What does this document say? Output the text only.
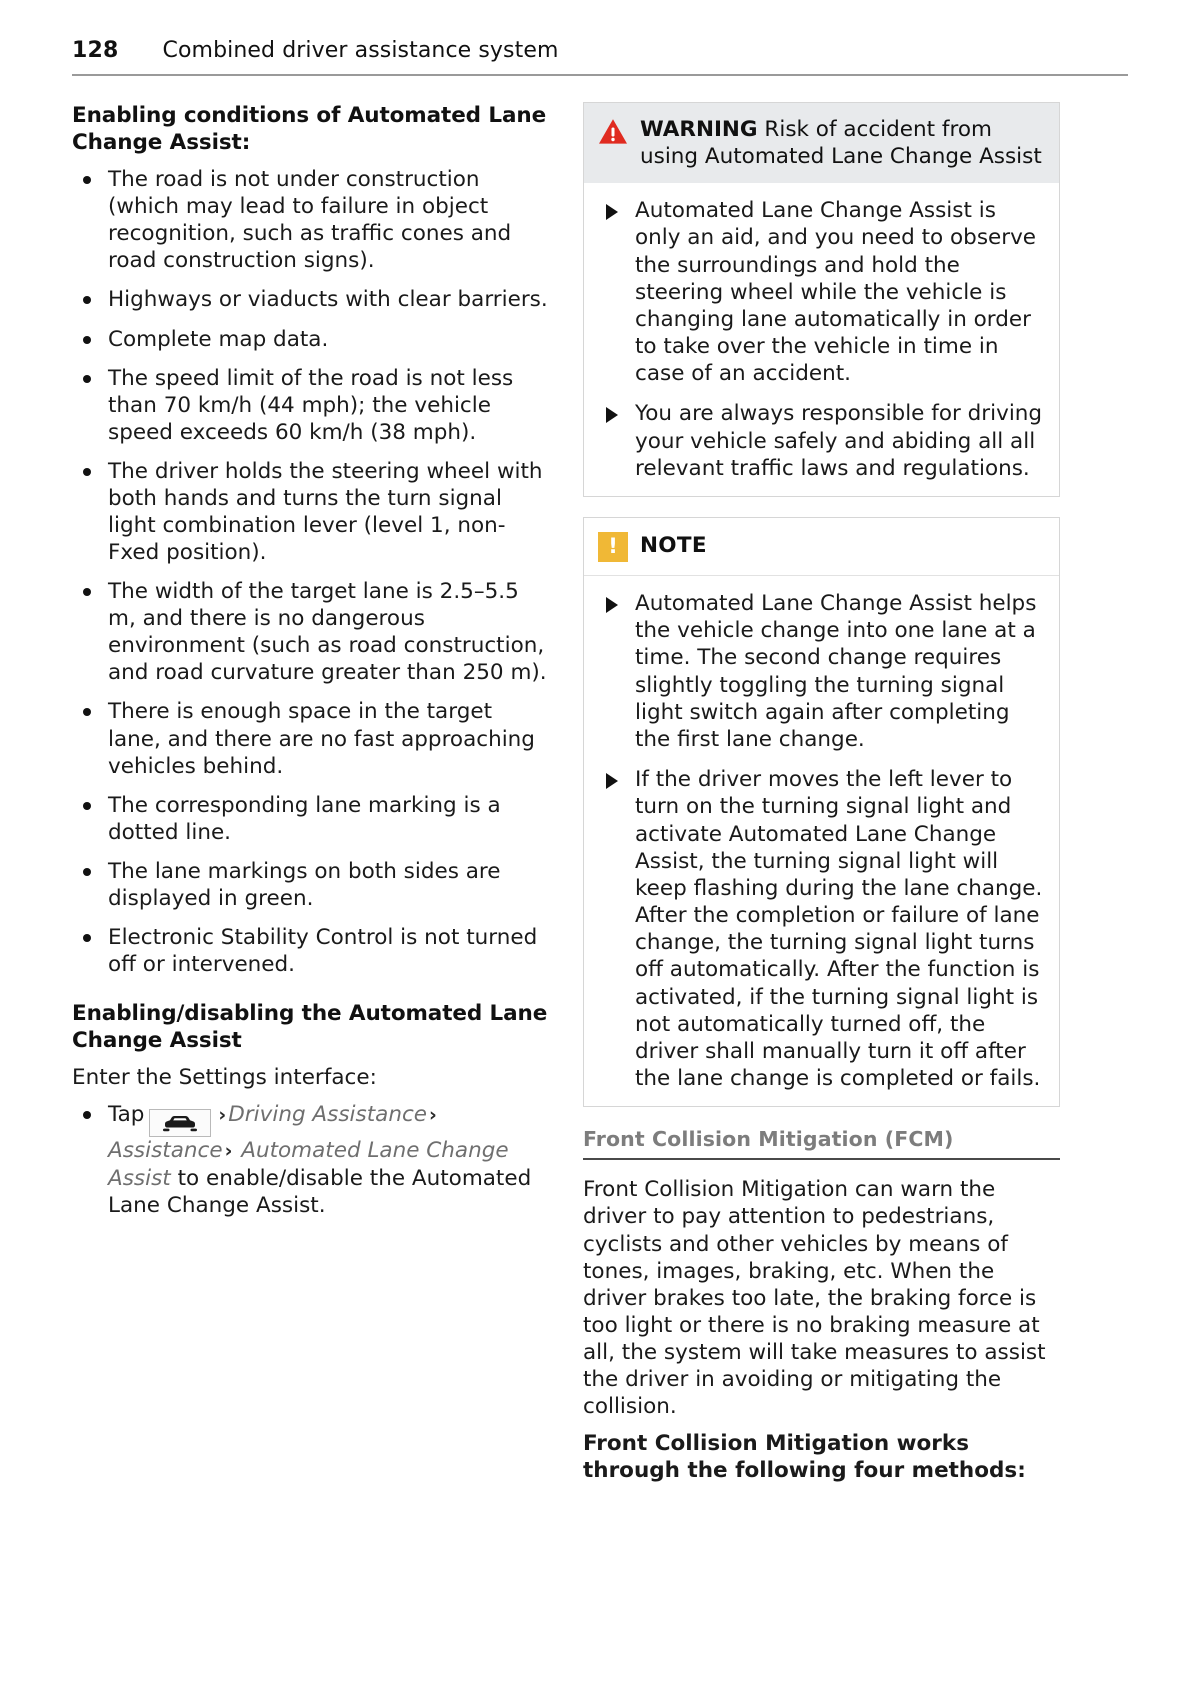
128 Combined driver assistance system
Enabling conditions of Automated Lane Change Assist:
The road is not under construction (which may lead to failure in object recognition, such as traffic cones and road construction signs).
Highways or viaducts with clear barriers.
Complete map data.
The speed limit of the road is not less than 70 km/h (44 mph); the vehicle speed exceeds 60 km/h (38 mph).
The driver holds the steering wheel with both hands and turns the turn signal light combination lever (level 1, non-Fxed position).
The width of the target lane is 2.5–5.5 m, and there is no dangerous environment (such as road construction, and road curvature greater than 250 m).
There is enough space in the target lane, and there are no fast approaching vehicles behind.
The corresponding lane marking is a dotted line.
The lane markings on both sides are displayed in green.
Electronic Stability Control is not turned off or intervened.
Enabling/disabling the Automated Lane Change Assist

Enter the Settings interface:

Tap	›Driving Assistance › Assistance › Automated Lane Change Assist to enable/disable the Automated Lane Change Assist.
WARNING Risk of accident from using Automated Lane Change Assist
Automated Lane Change Assist is only an aid, and you need to observe the surroundings and hold the steering wheel while the vehicle is changing lane automatically in order to take over the vehicle in time in case of an accident.
You are always responsible for driving your vehicle safely and abiding all all relevant traffic laws and regulations.
! NOTE
Automated Lane Change Assist helps the vehicle change into one lane at a time. The second change requires slightly toggling the turning signal light switch again after completing the first lane change.
If the driver moves the left lever to turn on the turning signal light and activate Automated Lane Change Assist, the turning signal light will keep flashing during the lane change. After the completion or failure of lane change, the turning signal light turns off automatically. After the function is activated, if the turning signal light is not automatically turned off, the driver shall manually turn it off after the lane change is completed or fails.
Front Collision Mitigation (FCM)

Front Collision Mitigation can warn the driver to pay attention to pedestrians, cyclists and other vehicles by means of tones, images, braking, etc. When the driver brakes too late, the braking force is too light or there is no braking measure at all, the system will take measures to assist the driver in avoiding or mitigating the collision.

Front Collision Mitigation works through the following four methods:
